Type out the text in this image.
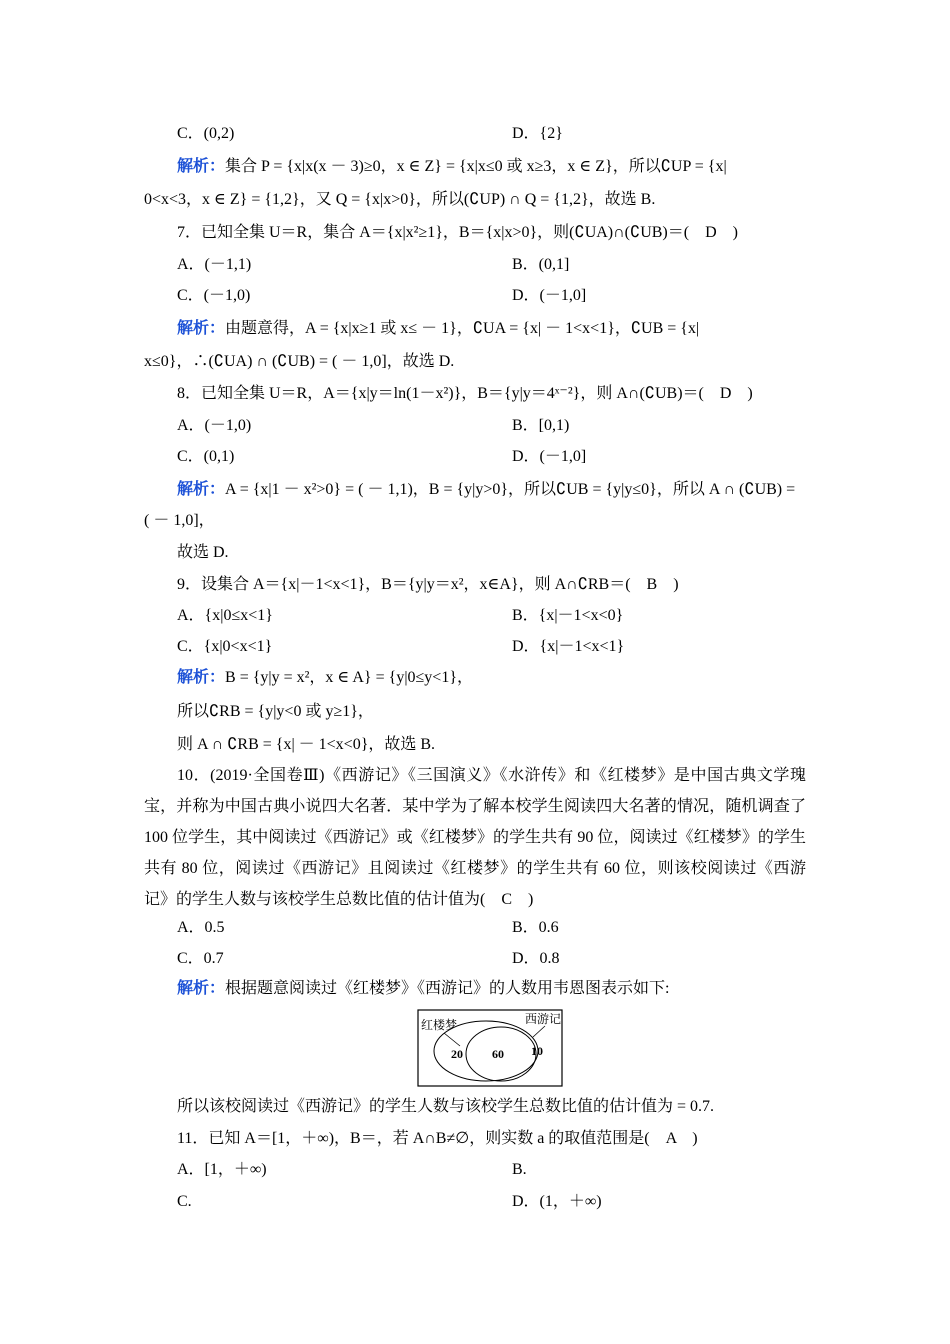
C．(0,2)	D．{2}
解析：集合 P = {x|x(x － 3)≥0，x ∈ Z} = {x|x≤0 或 x≥3，x ∈ Z}，所以∁UP = {x|
0<x<3，x ∈ Z} = {1,2}，又 Q = {x|x>0}，所以(∁UP) ∩ Q = {1,2}，故选 B.
7．已知全集 U＝R，集合 A＝{x|x²≥1}，B＝{x|x>0}，则(∁UA)∩(∁UB)＝(　D　)
A．(－1,1)	B．(0,1]
C．(－1,0)	D．(－1,0]
解析：由题意得，A = {x|x≥1 或 x≤ － 1}，∁UA = {x| － 1<x<1}，∁UB = {x|
x≤0}，∴(∁UA) ∩ (∁UB) = ( － 1,0]，故选 D.
8．已知全集 U＝R，A＝{x|y＝ln(1－x²)}，B＝{y|y＝4ˣ⁻²}，则 A∩(∁UB)＝(　D　)
A．(－1,0)	B．[0,1)
C．(0,1)	D．(－1,0]
解析：A = {x|1 － x²>0} = ( － 1,1)，B = {y|y>0}，所以∁UB = {y|y≤0}，所以 A ∩ (∁UB) =
( － 1,0]，
故选 D.
9．设集合 A＝{x|－1<x<1}，B＝{y|y＝x²，x∈A}，则 A∩∁RB＝(　B　)
A．{x|0≤x<1}	B．{x|－1<x<0}
C．{x|0<x<1}	D．{x|－1<x<1}
解析：B = {y|y = x²，x ∈ A} = {y|0≤y<1}，
所以∁RB = {y|y<0 或 y≥1}，
则 A ∩ ∁RB = {x| － 1<x<0}，故选 B.
10．(2019·全国卷Ⅲ)《西游记》《三国演义》《水浒传》和《红楼梦》是中国古典文学瑰宝，并称为中国古典小说四大名著．某中学为了解本校学生阅读四大名著的情况，随机调查了 100 位学生，其中阅读过《西游记》或《红楼梦》的学生共有 90 位，阅读过《红楼梦》的学生共有 80 位，阅读过《西游记》且阅读过《红楼梦》的学生共有 60 位，则该校阅读过《西游记》的学生人数与该校学生总数比值的估计值为(　C　)
A．0.5	B．0.6
C．0.7	D．0.8
解析：根据题意阅读过《红楼梦》《西游记》的人数用韦恩图表示如下:
红楼梦	西游记
20 60 10
所以该校阅读过《西游记》的学生人数与该校学生总数比值的估计值为 = 0.7.
11．已知 A＝[1，＋∞)，B＝，若 A∩B≠∅，则实数 a 的取值范围是(　A　)
A．[1，＋∞)	B.
C.	D．(1，＋∞)
